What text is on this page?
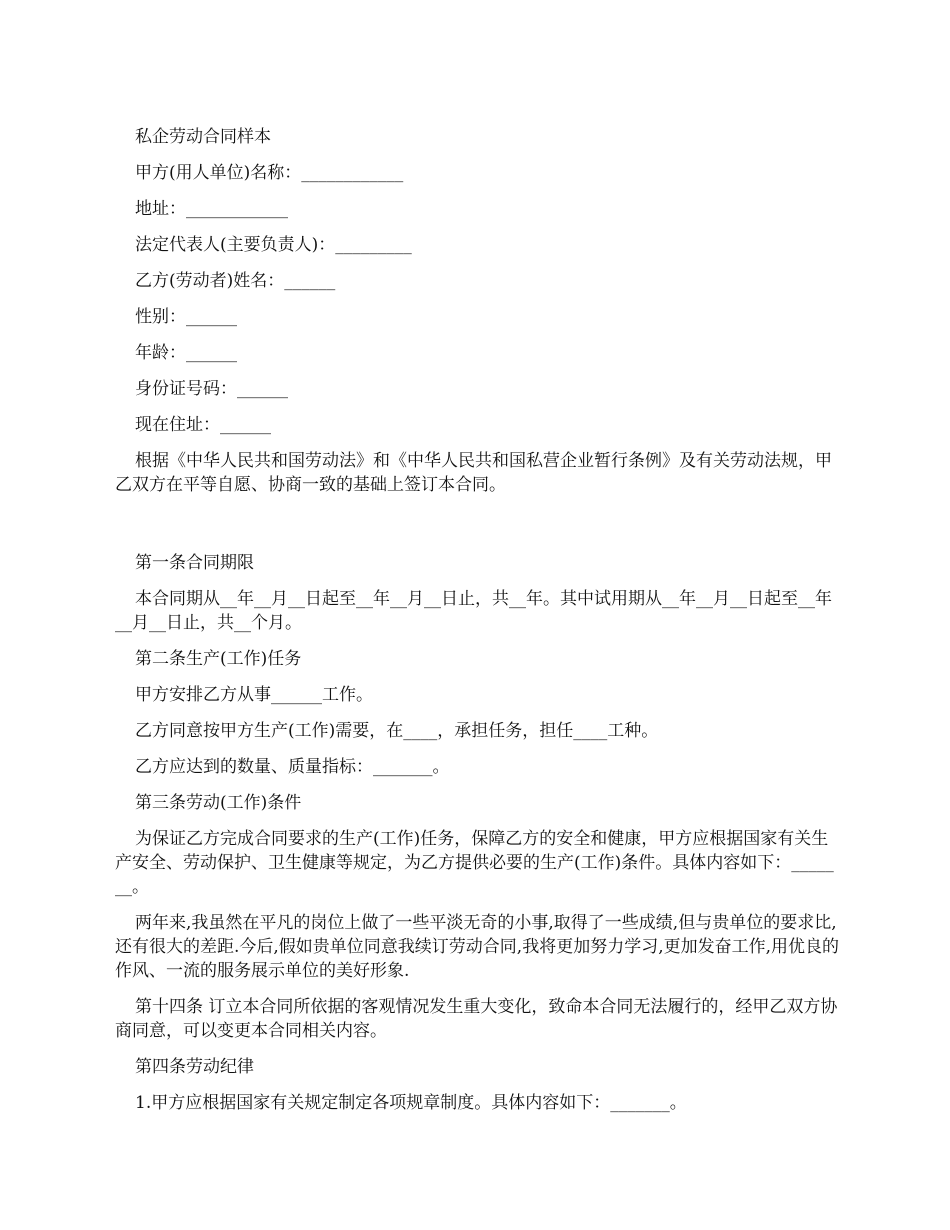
私企劳动合同样本

甲方(用人单位)名称：____________

地址：____________

法定代表人(主要负责人)：_________

乙方(劳动者)姓名：______

性别：______

年龄：______

身份证号码：______

现在住址：______

根据《中华人民共和国劳动法》和《中华人民共和国私营企业暂行条例》及有关劳动法规，甲乙双方在平等自愿、协商一致的基础上签订本合同。

第一条合同期限

本合同期从__年__月__日起至__年__月__日止，共__年。其中试用期从__年__月__日起至__年__月__日止，共__个月。

第二条生产(工作)任务

甲方安排乙方从事______工作。

乙方同意按甲方生产(工作)需要，在____，承担任务，担任____工种。

乙方应达到的数量、质量指标：_______。

第三条劳动(工作)条件

为保证乙方完成合同要求的生产(工作)任务，保障乙方的安全和健康，甲方应根据国家有关生产安全、劳动保护、卫生健康等规定，为乙方提供必要的生产(工作)条件。具体内容如下：_______。

两年来,我虽然在平凡的岗位上做了一些平淡无奇的小事,取得了一些成绩,但与贵单位的要求比,还有很大的差距.今后,假如贵单位同意我续订劳动合同,我将更加努力学习,更加发奋工作,用优良的作风、一流的服务展示单位的美好形象.

第十四条 订立本合同所依据的客观情况发生重大变化，致命本合同无法履行的，经甲乙双方协商同意，可以变更本合同相关内容。

第四条劳动纪律

1.甲方应根据国家有关规定制定各项规章制度。具体内容如下：_______。
